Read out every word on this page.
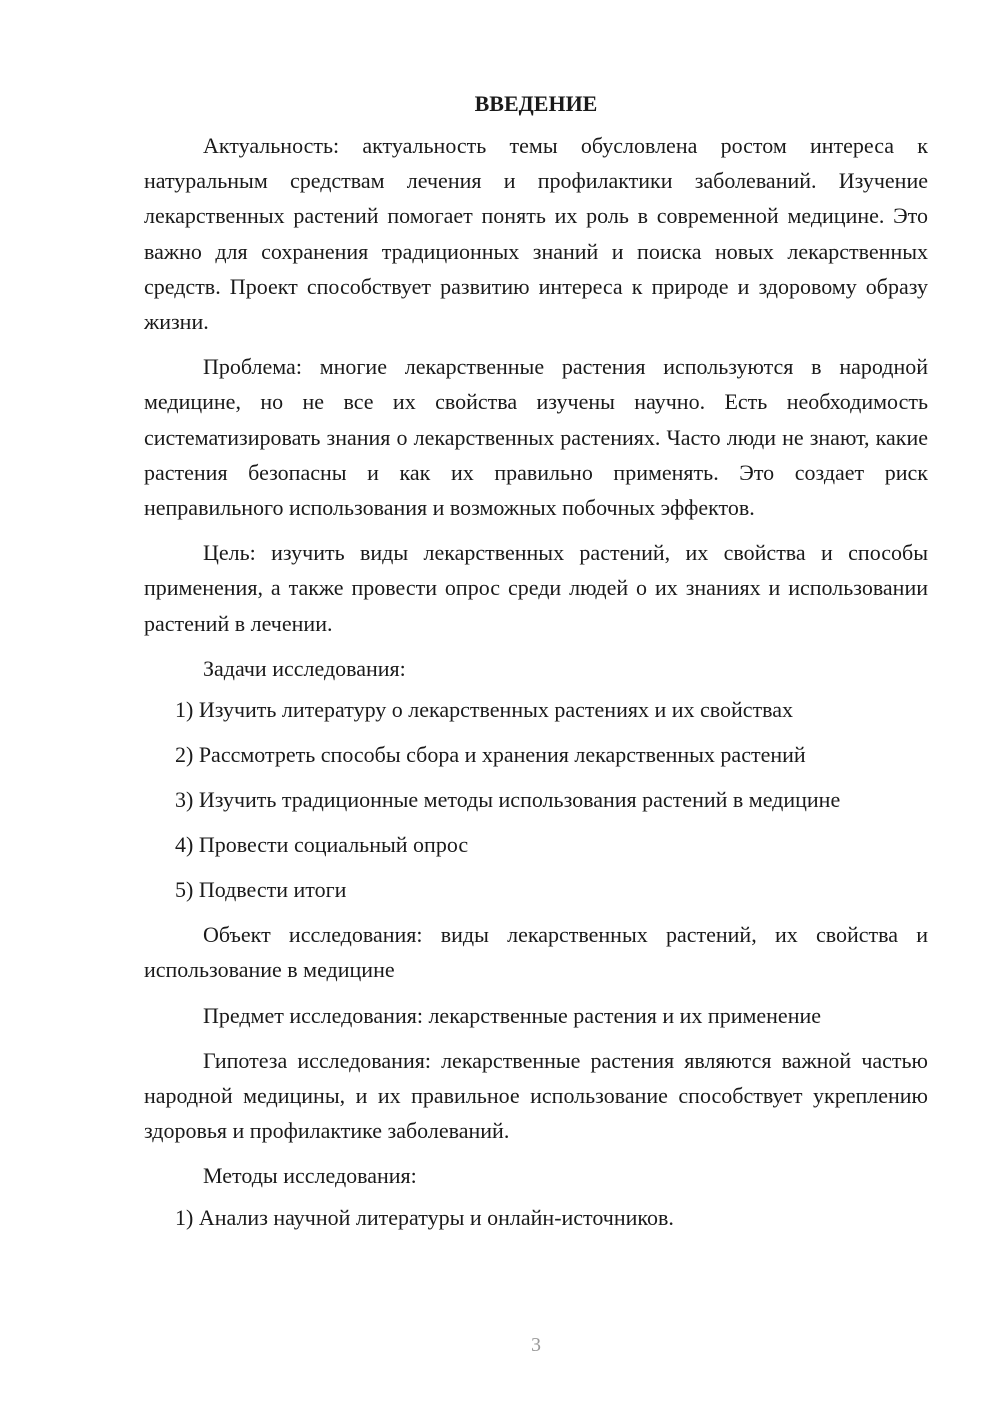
ВВЕДЕНИЕ

Актуальность: актуальность темы обусловлена ростом интереса к натуральным средствам лечения и профилактики заболеваний. Изучение лекарственных растений помогает понять их роль в современной медицине. Это важно для сохранения традиционных знаний и поиска новых лекарственных средств. Проект способствует развитию интереса к природе и здоровому образу жизни.

Проблема: многие лекарственные растения используются в народной медицине, но не все их свойства изучены научно. Есть необходимость систематизировать знания о лекарственных растениях. Часто люди не знают, какие растения безопасны и как их правильно применять. Это создает риск неправильного использования и возможных побочных эффектов.

Цель: изучить виды лекарственных растений, их свойства и способы применения, а также провести опрос среди людей о их знаниях и использовании растений в лечении.

Задачи исследования:

1) Изучить литературу о лекарственных растениях и их свойствах
2) Рассмотреть способы сбора и хранения лекарственных растений
3) Изучить традиционные методы использования растений в медицине
4) Провести социальный опрос
5) Подвести итоги

Объект исследования: виды лекарственных растений, их свойства и использование в медицине

Предмет исследования: лекарственные растения и их применение

Гипотеза исследования: лекарственные растения являются важной частью народной медицины, и их правильное использование способствует укреплению здоровья и профилактике заболеваний.

Методы исследования:

1) Анализ научной литературы и онлайн-источников.
3
